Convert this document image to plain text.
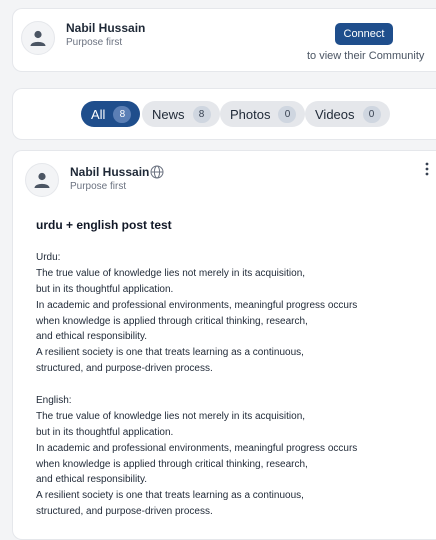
Nabil Hussain
Purpose first
Connect
to view their Community
All	8	News	8	Photos	0	Videos	0
Nabil Hussain
Purpose first
urdu + english post test

Urdu:

The true value of knowledge lies not merely in its acquisition,

but in its thoughtful application.

In academic and professional environments, meaningful progress occurs

when knowledge is applied through critical thinking, research,

and ethical responsibility.

A resilient society is one that treats learning as a continuous,

structured, and purpose-driven process.

English:

The true value of knowledge lies not merely in its acquisition,

but in its thoughtful application.

In academic and professional environments, meaningful progress occurs

when knowledge is applied through critical thinking, research,

and ethical responsibility.

A resilient society is one that treats learning as a continuous,

structured, and purpose-driven process.
